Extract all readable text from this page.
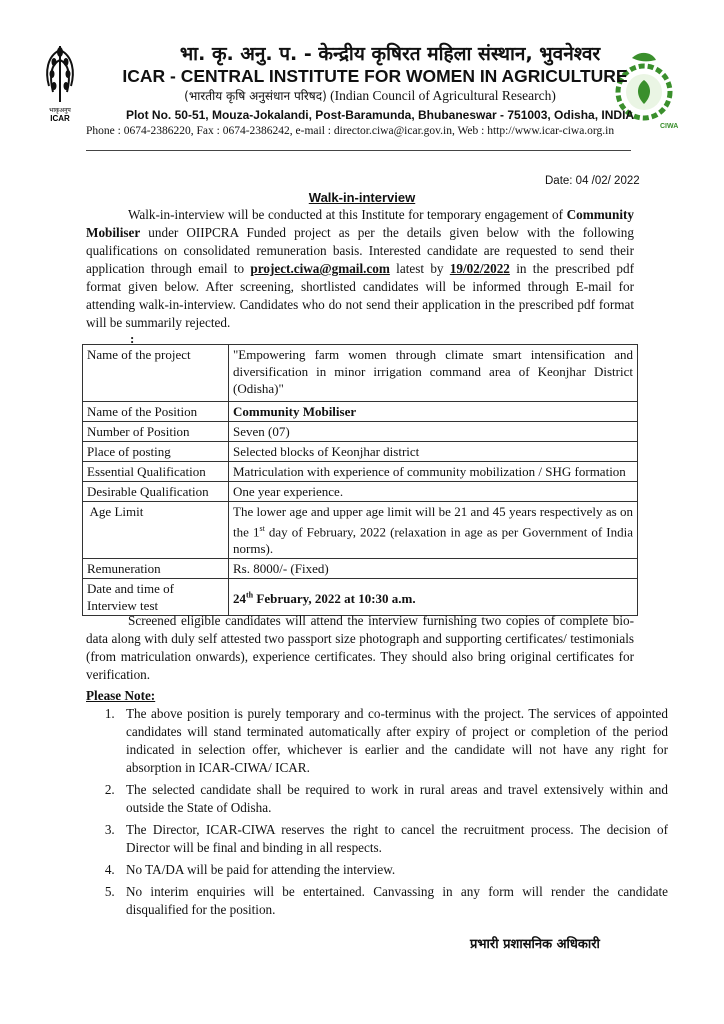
भाकृअनुप
ICAR
CIWA
भा. कृ. अनु. प. - केन्द्रीय कृषिरत महिला संस्थान, भुवनेश्वर
ICAR - CENTRAL INSTITUTE FOR WOMEN IN AGRICULTURE
(भारतीय कृषि अनुसंधान परिषद) (Indian Council of Agricultural Research)
Plot No. 50-51, Mouza-Jokalandi, Post-Baramunda, Bhubaneswar - 751003, Odisha, INDIA
Phone : 0674-2386220, Fax : 0674-2386242, e-mail : director.ciwa@icar.gov.in, Web : http://www.icar-ciwa.org.in
Date: 04 /02/ 2022
Walk-in-interview
Walk-in-interview will be conducted at this Institute for temporary engagement of Community Mobiliser under OIIPCRA Funded project as per the details given below with the following qualifications on consolidated remuneration basis. Interested candidate are requested to send their application through email to project.ciwa@gmail.com latest by 19/02/2022 in the prescribed pdf format given below. After screening, shortlisted candidates will be informed through E-mail for attending walk-in-interview. Candidates who do not send their application in the prescribed pdf format will be summarily rejected.
:
Name of the project	"Empowering farm women through climate smart intensification and diversification in minor irrigation command area of Keonjhar District (Odisha)"
Name of the Position	Community Mobiliser
Number of Position	Seven (07)
Place of posting	Selected blocks of Keonjhar district
Essential Qualification	Matriculation with experience of community mobilization / SHG formation
Desirable Qualification	One year experience.
Age Limit	The lower age and upper age limit will be 21 and 45 years respectively as on the 1st day of February, 2022 (relaxation in age as per Government of India norms).
Remuneration	Rs. 8000/- (Fixed)
Date and time of Interview test	24th February, 2022 at 10:30 a.m.
Screened eligible candidates will attend the interview furnishing two copies of complete bio-data along with duly self attested two passport size photograph and supporting certificates/ testimonials (from matriculation onwards), experience certificates. They should also bring original certificates for verification.
Please Note:
1. The above position is purely temporary and co-terminus with the project. The services of appointed candidates will stand terminated automatically after expiry of project or completion of the period indicated in selection offer, whichever is earlier and the candidate will not have any right for absorption in ICAR-CIWA/ ICAR.
2. The selected candidate shall be required to work in rural areas and travel extensively within and outside the State of Odisha.
3. The Director, ICAR-CIWA reserves the right to cancel the recruitment process. The decision of Director will be final and binding in all respects.
4. No TA/DA will be paid for attending the interview.
5. No interim enquiries will be entertained. Canvassing in any form will render the candidate disqualified for the position.
प्रभारी प्रशासनिक अधिकारी
